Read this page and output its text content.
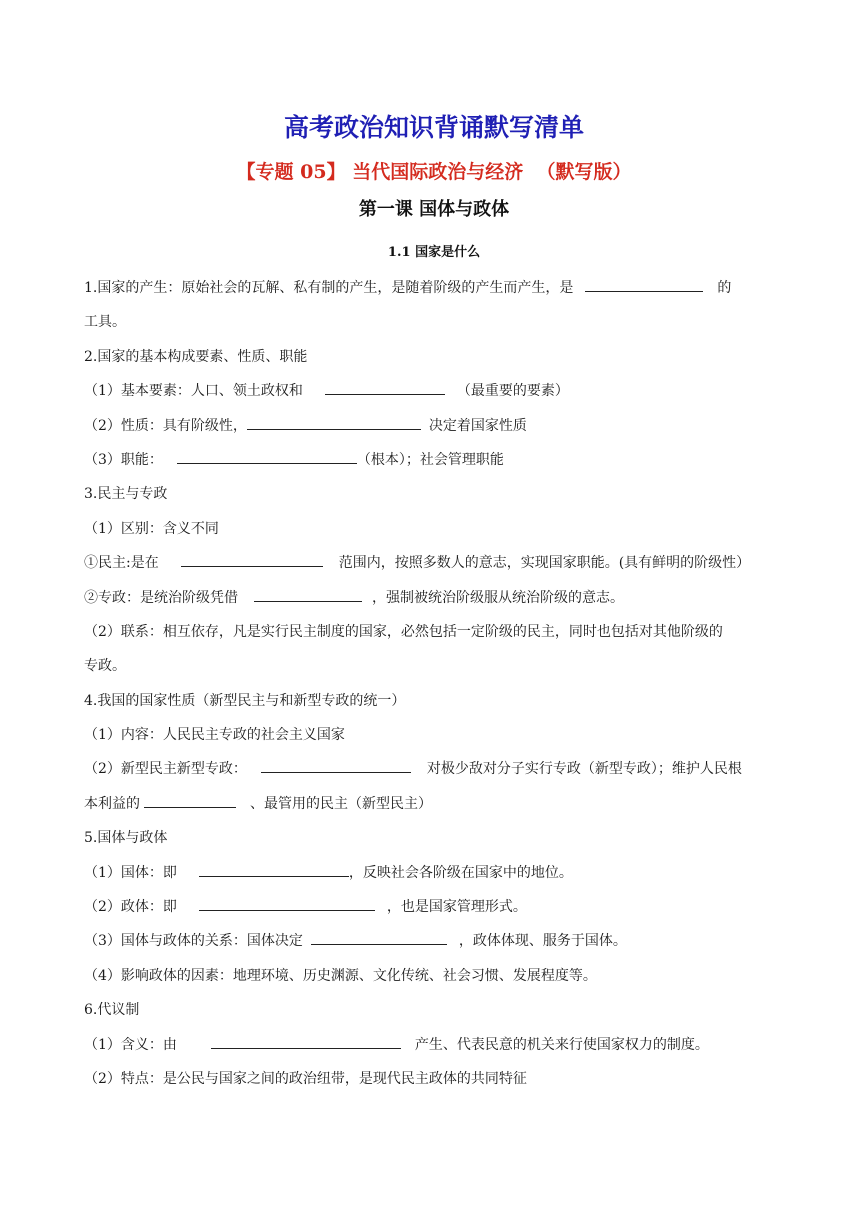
高考政治知识背诵默写清单
【专题 05】 当代国际政治与经济  （默写版）
第一课 国体与政体
1.1 国家是什么
1.国家的产生：原始社会的瓦解、私有制的产生，是随着阶级的产生而产生，是	的
工具。
2.国家的基本构成要素、性质、职能
（1）基本要素：人口、领土政权和	（最重要的要素）
（2）性质：具有阶级性，	决定着国家性质
（3）职能：	（根本）；社会管理职能
3.民主与专政
（1）区别：含义不同
①民主:是在	范围内，按照多数人的意志，实现国家职能。(具有鲜明的阶级性）
②专政：是统治阶级凭借	，强制被统治阶级服从统治阶级的意志。
（2）联系：相互依存，凡是实行民主制度的国家，必然包括一定阶级的民主，同时也包括对其他阶级的
专政。
4.我国的国家性质（新型民主与和新型专政的统一）
（1）内容：人民民主专政的社会主义国家
（2）新型民主新型专政：	对极少敌对分子实行专政（新型专政）；维护人民根
本利益的	、最管用的民主（新型民主）
5.国体与政体
（1）国体：即	，反映社会各阶级在国家中的地位。
（2）政体：即	，也是国家管理形式。
（3）国体与政体的关系：国体决定	，政体体现、服务于国体。
（4）影响政体的因素：地理环境、历史渊源、文化传统、社会习惯、发展程度等。
6.代议制
（1）含义：由	产生、代表民意的机关来行使国家权力的制度。
（2）特点：是公民与国家之间的政治纽带，是现代民主政体的共同特征
